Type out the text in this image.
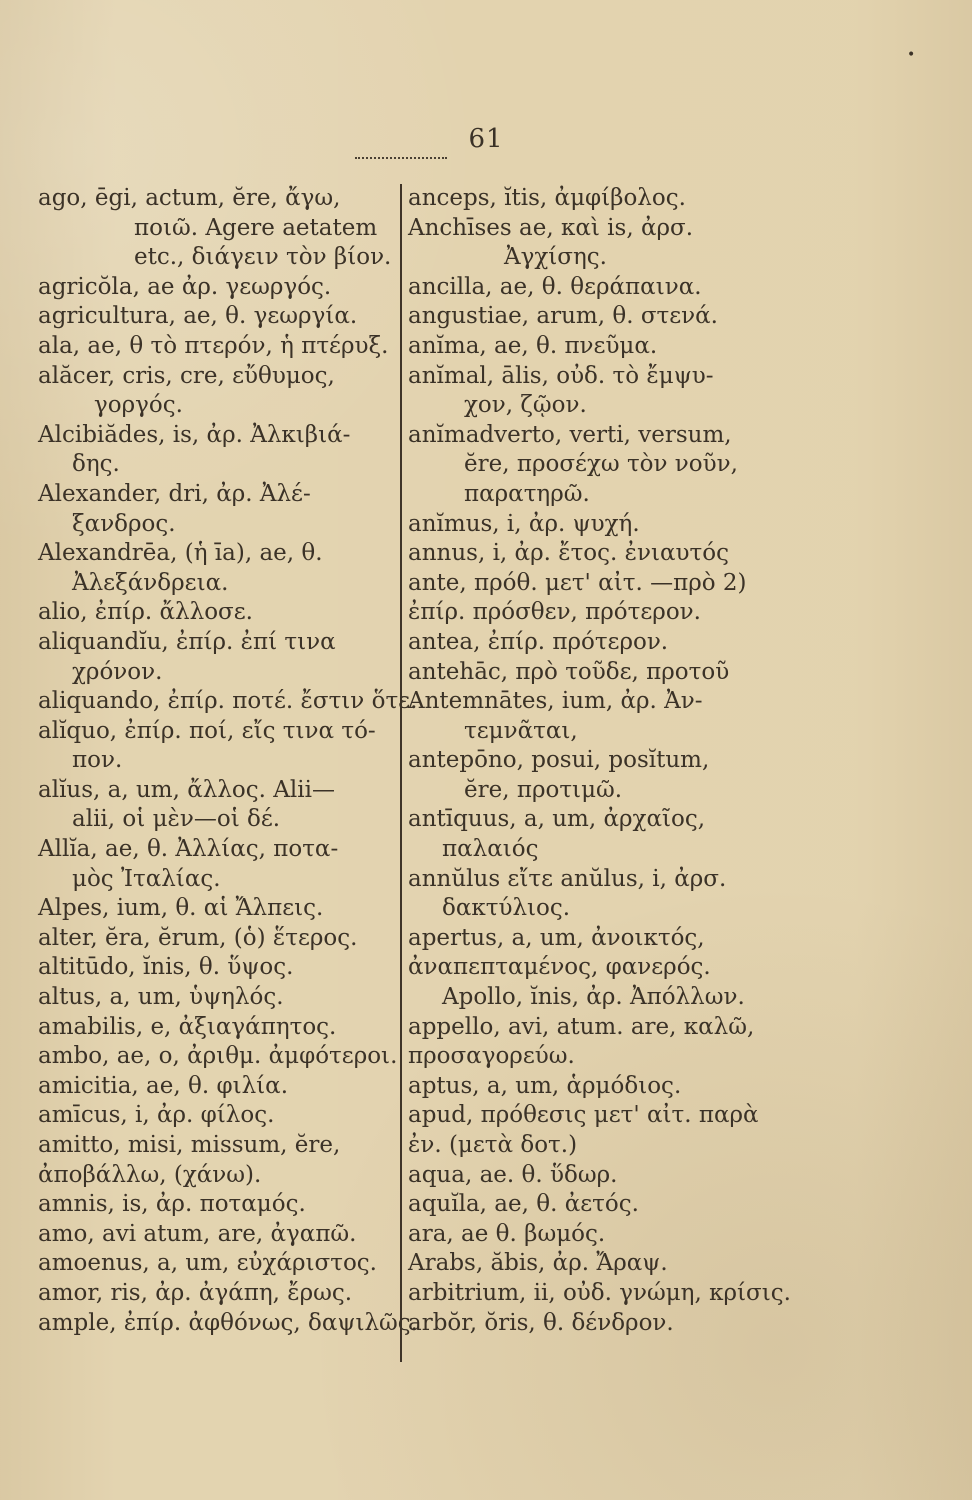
•
61

ago, ēgi, actum, ĕre, ἄγω,

ποιῶ. Agere aetatem

etc., διάγειν τὸν βίον.

agricŏla, ae ἀρ. γεωργός.

agricultura, ae, θ. γεωργία.

ala, ae, θ τὸ πτερόν, ἡ πτέρυξ.

alăcer, cris, cre, εὔθυμος,

γοργός.

Alcibiădes, is, ἀρ. Ἀλκιβιά-

δης.

Alexander, dri, ἀρ. Ἀλέ-

ξανδρος.

Alexandrēa, (ἡ īa), ae, θ.

Ἀλεξάνδρεια.

alio, ἐπίρ. ἄλλοσε.

aliquandĭu, ἐπίρ. ἐπί τινα

χρόνον.

aliquando, ἐπίρ. ποτέ. ἔστιν ὅτε.

alĭquo, ἐπίρ. ποί, εἴς τινα τό-

πον.

alĭus, a, um, ἄλλος. Alii—

alii, οἱ μὲν—οἱ δέ.

Allĭa, ae, θ. Ἀλλίας, ποτα-

μὸς Ἰταλίας.

Alpes, ium, θ. αἱ Ἄλπεις.

alter, ĕra, ĕrum, (ὁ) ἕτερος.

altitūdo, ĭnis, θ. ὕψος.

altus, a, um, ὑψηλός.

amabilis, e, ἀξιαγάπητος.

ambo, ae, o, ἀριθμ. ἀμφότεροι.

amicitia, ae, θ. φιλία.

amīcus, i, ἀρ. φίλος.

amitto, misi, missum, ĕre,

ἀποβάλλω, (χάνω).

amnis, is, ἀρ. ποταμός.

amo, avi atum, are, ἀγαπῶ.

amoenus, a, um, εὐχάριστος.

amor, ris, ἀρ. ἀγάπη, ἔρως.

ample, ἐπίρ. ἀφθόνως, δαψιλῶς.

anceps, ĭtis, ἀμφίβολος.

Anchīses ae, καὶ is, ἀρσ.

Ἀγχίσης.

ancilla, ae, θ. θεράπαινα.

angustiae, arum, θ. στενά.

anĭma, ae, θ. πνεῦμα.

anĭmal, ālis, οὐδ. τὸ ἔμψυ-

χον, ζῷον.

anĭmadverto, verti, versum,

ĕre, προσέχω τὸν νοῦν,

παρατηρῶ.

anĭmus, i, ἀρ. ψυχή.

annus, i, ἀρ. ἔτος. ἐνιαυτός

ante, πρόθ. μετ' αἰτ. —πρὸ 2)

ἐπίρ. πρόσθεν, πρότερον.

antea, ἐπίρ. πρότερον.

antehāc, πρὸ τοῦδε, προτοῦ

Antemnātes, ium, ἀρ. Ἀν-

τεμνᾶται,

antepōno, posui, posĭtum,

ĕre, προτιμῶ.

antīquus, a, um, ἀρχαῖος,

παλαιός

annŭlus εἴτε anŭlus, i, ἀρσ.

δακτύλιος.

apertus, a, um, ἀνοικτός,

ἀναπεπταμένος, φανερός.

Apollo, ĭnis, ἀρ. Ἀπόλλων.

appello, avi, atum. are, καλῶ,

προσαγορεύω.

aptus, a, um, ἁρμόδιος.

apud, πρόθεσις μετ' αἰτ. παρὰ

ἐν. (μετὰ δοτ.)

aqua, ae. θ. ὕδωρ.

aquĭla, ae, θ. ἀετός.

ara, ae θ. βωμός.

Arabs, ăbis, ἀρ. Ἄραψ.

arbitrium, ii, οὐδ. γνώμη, κρίσις.

arbŏr, ŏris, θ. δένδρον.
